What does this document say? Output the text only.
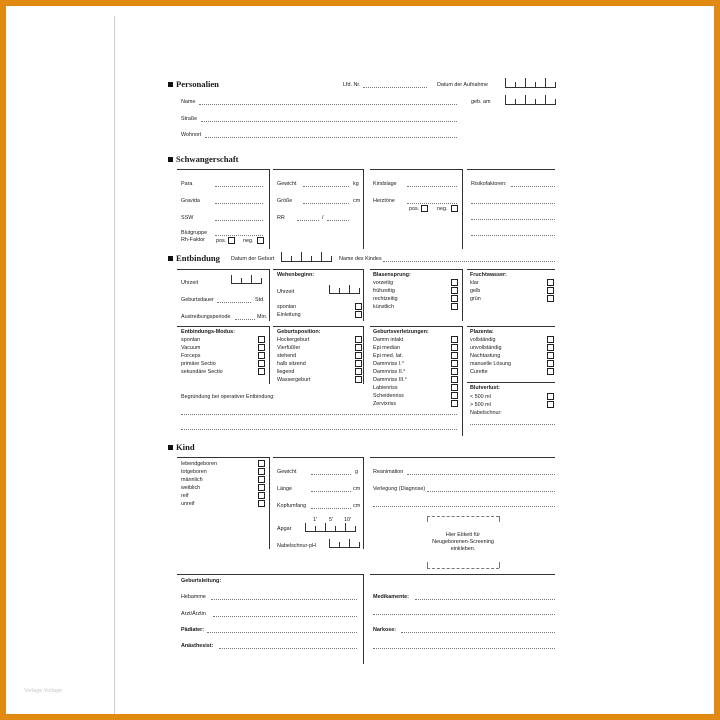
Personalien	Lfd. Nr.	Datum der Aufnahme
Name	geb. am
Straße
Wohnort
Schwangerschaft
Para
Gravida
SSW
Blutgruppe
Rh-Faktor pos.	neg.
Gewicht	kg
Größe	cm
RR	/
Kindslage
Herztöne
pos.	neg.
Risikofaktoren:
Entbindung Datum der Geburt	Name des Kindes
Uhrzeit
Geburtsdauer	Std.
Austreibungsperiode	Min.
Wehenbeginn:
Uhrzeit
spontan
Einleitung
Blasensprung:
vorzeitig
frühzeitig
rechtzeitig
künstlich
Fruchtwasser:
klar
gelb
grün
Entbindungs-Modus:
spontan
Vacuum
Forceps
primäre Sectio
sekundäre Sectio
Geburtsposition:
Hockergeburt
Vierfüßler
stehend
halb sitzend
liegend
Wassergeburt
Geburtsverletzungen:
Damm intakt
Epi median
Epi med. lat.
Dammriss I.°
Dammriss II.°
Dammriss III.°
Labienriss
Scheidenriss
Zervixriss
Plazenta:
vollständig
unvollständig
Nachtastung
manuelle Lösung
Curette
Blutverlust:
< 500 ml
> 500 ml
Nabelschnur:
Begründung bei operativer Entbindung:
Kind
lebendgeboren
totgeboren
männlich
weiblich
reif
unreif
Gewicht	g
Länge	cm
Kopfumfang	cm
1' 5' 10'
Apgar
Nabelschnur-pH
Reanimation
Verlegung (Diagnose)
Hier Etikett für
Neugeborenen-Screening
einkleben.
Geburtsleitung:
Hebamme
Arzt/Ärztin
Pädiater:
Anästhesist:
Medikamente:
Narkose:
Vorlage Vorlage
